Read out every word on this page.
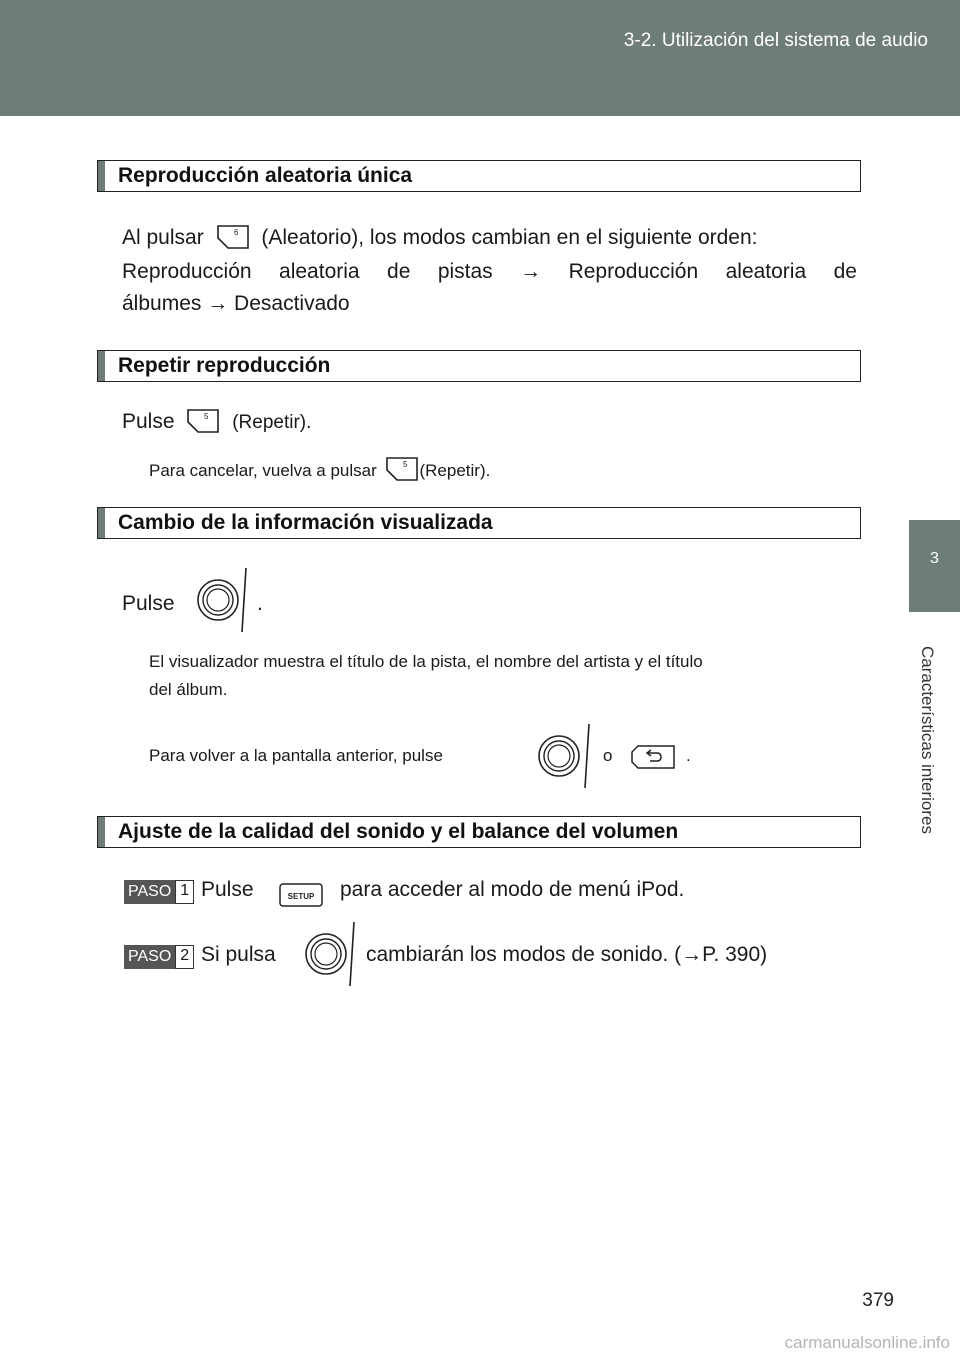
3-2. Utilización del sistema de audio
3
Características interiores
Reproducción aleatoria única
Al pulsar	6 (Aleatorio), los modos cambian en el siguiente orden:
Reproducción aleatoria de pistas → Reproducción aleatoria de
álbumes → Desactivado
Repetir reproducción
Pulse	5 (Repetir).
Para cancelar, vuelva a pulsar	5 (Repetir).
Cambio de la información visualizada
Pulse	.
El visualizador muestra el título de la pista, el nombre del artista y el título
del álbum.
Para volver a la pantalla anterior, pulse	o	.
Ajuste de la calidad del sonido y el balance del volumen
PASO 1 Pulse	SETUP para acceder al modo de menú iPod.
PASO 2 Si pulsa	cambiarán los modos de sonido. (→P. 390)
379
carmanualsonline.info
